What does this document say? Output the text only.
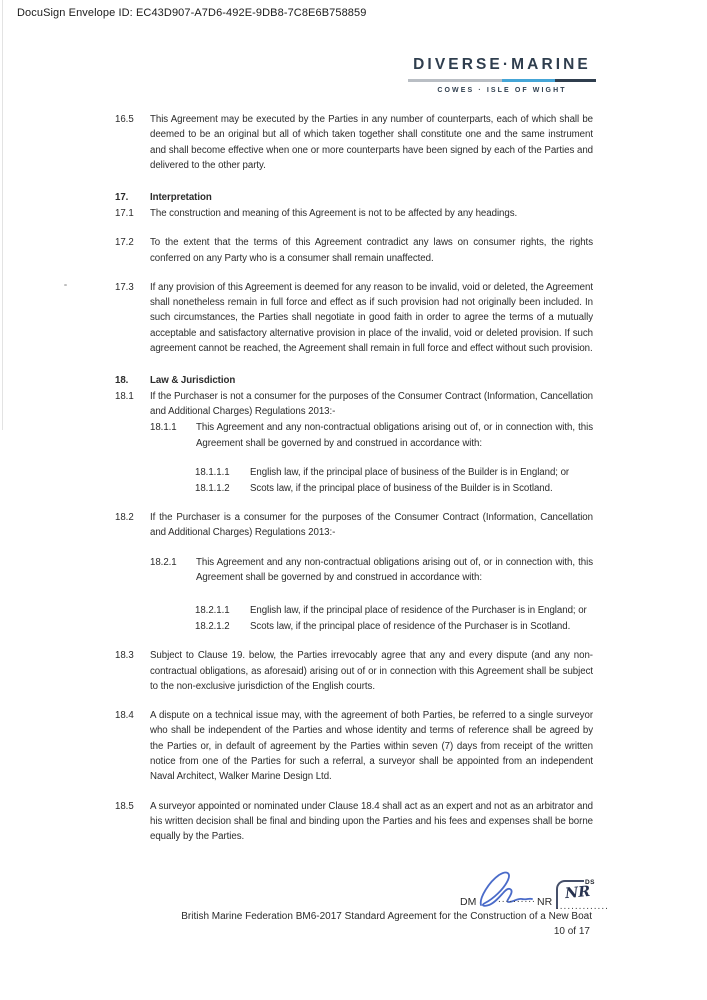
DocuSign Envelope ID: EC43D907-A7D6-492E-9DB8-7C8E6B758859
DIVERSE·MARINE
COWES · ISLE OF WIGHT
16.5	This Agreement may be executed by the Parties in any number of counterparts, each of which shall be deemed to be an original but all of which taken together shall constitute one and the same instrument and shall become effective when one or more counterparts have been signed by each of the Parties and delivered to the other party.
17.	Interpretation
17.1	The construction and meaning of this Agreement is not to be affected by any headings.
17.2	To the extent that the terms of this Agreement contradict any laws on consumer rights, the rights conferred on any Party who is a consumer shall remain unaffected.
17.3	If any provision of this Agreement is deemed for any reason to be invalid, void or deleted, the Agreement shall nonetheless remain in full force and effect as if such provision had not originally been included. In such circumstances, the Parties shall negotiate in good faith in order to agree the terms of a mutually acceptable and satisfactory alternative provision in place of the invalid, void or deleted provision. If such agreement cannot be reached, the Agreement shall remain in full force and effect without such provision.
18.	Law & Jurisdiction
18.1	If the Purchaser is not a consumer for the purposes of the Consumer Contract (Information, Cancellation and Additional Charges) Regulations 2013:-
18.1.1	This Agreement and any non-contractual obligations arising out of, or in connection with, this Agreement shall be governed by and construed in accordance with:
18.1.1.1	English law, if the principal place of business of the Builder is in England; or
18.1.1.2	Scots law, if the principal place of business of the Builder is in Scotland.
18.2	If the Purchaser is a consumer for the purposes of the Consumer Contract (Information, Cancellation and Additional Charges) Regulations 2013:-
18.2.1	This Agreement and any non-contractual obligations arising out of, or in connection with, this Agreement shall be governed by and construed in accordance with:
18.2.1.1	English law, if the principal place of residence of the Purchaser is in England; or
18.2.1.2	Scots law, if the principal place of residence of the Purchaser is in Scotland.
18.3	Subject to Clause 19. below, the Parties irrevocably agree that any and every dispute (and any non-contractual obligations, as aforesaid) arising out of or in connection with this Agreement shall be subject to the non-exclusive jurisdiction of the English courts.
18.4	A dispute on a technical issue may, with the agreement of both Parties, be referred to a single surveyor who shall be independent of the Parties and whose identity and terms of reference shall be agreed by the Parties or, in default of agreement by the Parties within seven (7) days from receipt of the written notice from one of the Parties for such a referral, a surveyor shall be appointed from an independent Naval Architect, Walker Marine Design Ltd.
18.5	A surveyor appointed or nominated under Clause 18.4 shall act as an expert and not as an arbitrator and his written decision shall be final and binding upon the Parties and his fees and expenses shall be borne equally by the Parties.
DM .......... NR
DS
NR
..............
British Marine Federation BM6-2017 Standard Agreement for the Construction of a New Boat
10 of 17
